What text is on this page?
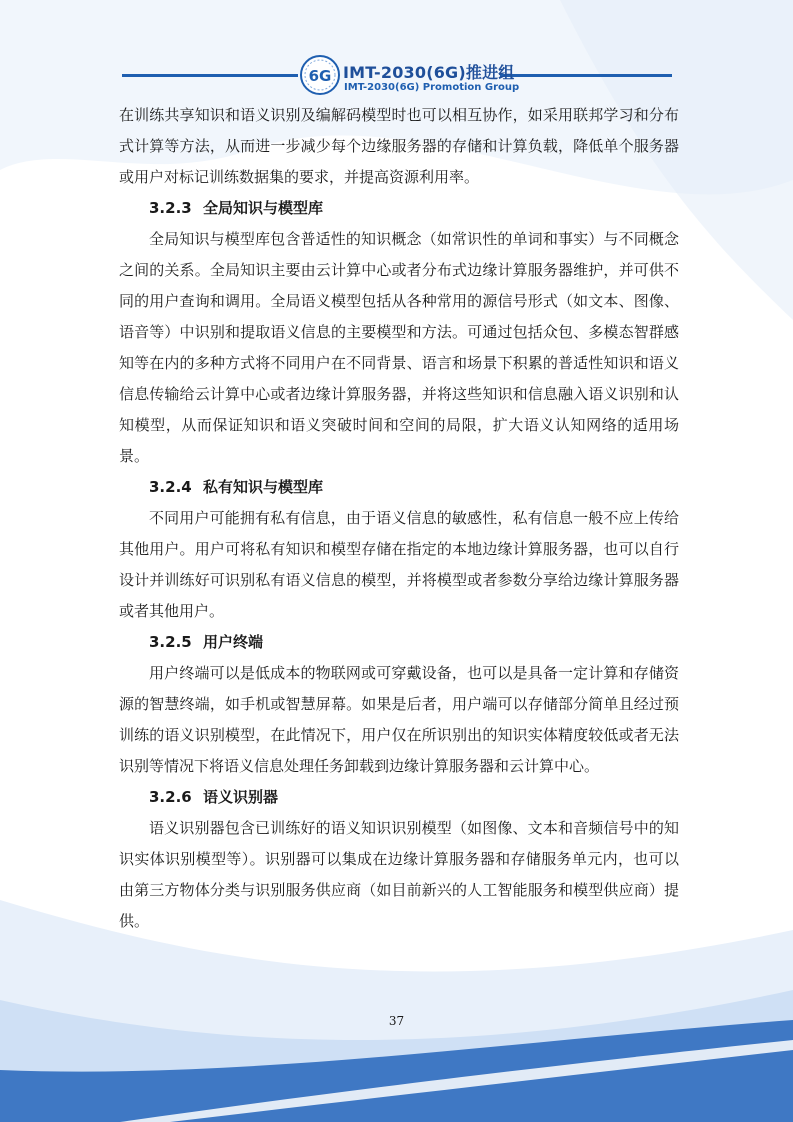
6G IMT-2030(6G)推进组
IMT-2030(6G) Promotion Group

在训练共享知识和语义识别及编解码模型时也可以相互协作，如采用联邦学习和分布式计算等方法，从而进一步减少每个边缘服务器的存储和计算负载，降低单个服务器或用户对标记训练数据集的要求，并提高资源利用率。

3.2.3 全局知识与模型库

全局知识与模型库包含普适性的知识概念（如常识性的单词和事实）与不同概念之间的关系。全局知识主要由云计算中心或者分布式边缘计算服务器维护，并可供不同的用户查询和调用。全局语义模型包括从各种常用的源信号形式（如文本、图像、语音等）中识别和提取语义信息的主要模型和方法。可通过包括众包、多模态智群感知等在内的多种方式将不同用户在不同背景、语言和场景下积累的普适性知识和语义信息传输给云计算中心或者边缘计算服务器，并将这些知识和信息融入语义识别和认知模型，从而保证知识和语义突破时间和空间的局限，扩大语义认知网络的适用场景。

3.2.4 私有知识与模型库

不同用户可能拥有私有信息，由于语义信息的敏感性，私有信息一般不应上传给其他用户。用户可将私有知识和模型存储在指定的本地边缘计算服务器，也可以自行设计并训练好可识别私有语义信息的模型，并将模型或者参数分享给边缘计算服务器或者其他用户。

3.2.5 用户终端

用户终端可以是低成本的物联网或可穿戴设备，也可以是具备一定计算和存储资源的智慧终端，如手机或智慧屏幕。如果是后者，用户端可以存储部分简单且经过预训练的语义识别模型，在此情况下，用户仅在所识别出的知识实体精度较低或者无法识别等情况下将语义信息处理任务卸载到边缘计算服务器和云计算中心。

3.2.6 语义识别器

语义识别器包含已训练好的语义知识识别模型（如图像、文本和音频信号中的知识实体识别模型等）。识别器可以集成在边缘计算服务器和存储服务单元内，也可以由第三方物体分类与识别服务供应商（如目前新兴的人工智能服务和模型供应商）提供。

37
